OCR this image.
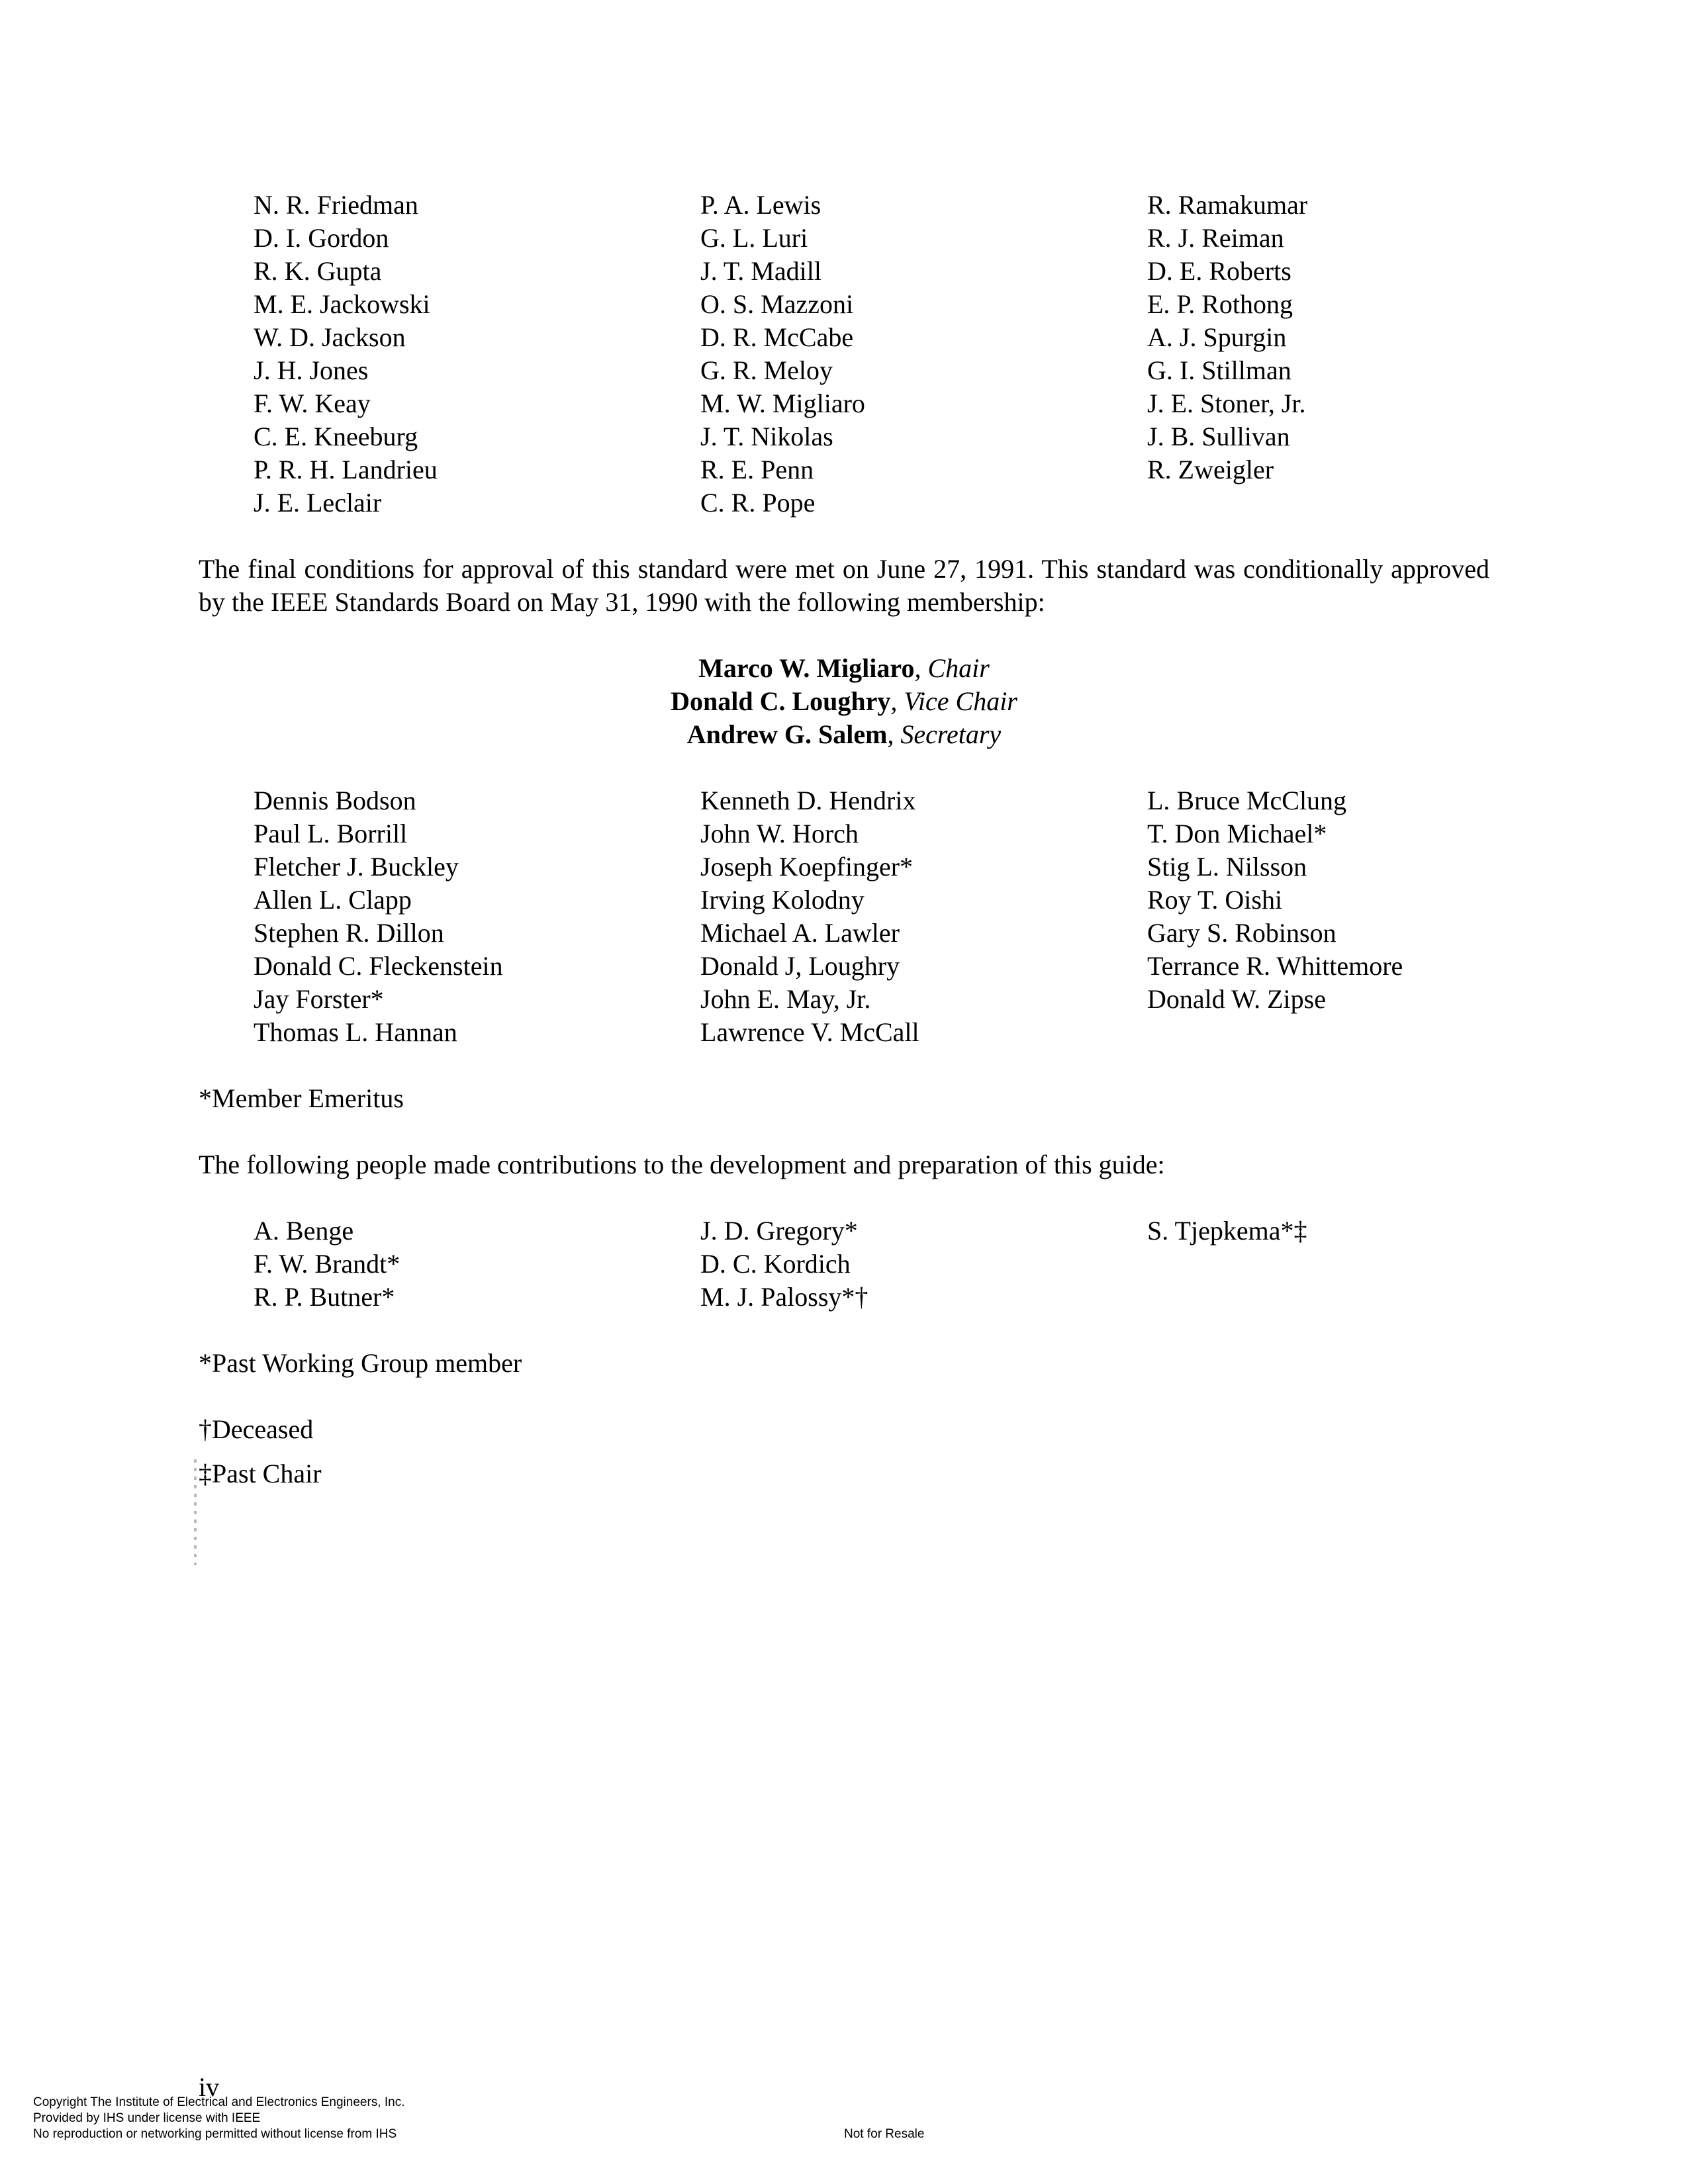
N. R. Friedman
D. I. Gordon
R. K. Gupta
M. E. Jackowski
W. D. Jackson
J. H. Jones
F. W. Keay
C. E. Kneeburg
P. R. H. Landrieu
J. E. Leclair
P. A. Lewis
G. L. Luri
J. T. Madill
O. S. Mazzoni
D. R. McCabe
G. R. Meloy
M. W. Migliaro
J. T. Nikolas
R. E. Penn
C. R. Pope
R. Ramakumar
R. J. Reiman
D. E. Roberts
E. P. Rothong
A. J. Spurgin
G. I. Stillman
J. E. Stoner, Jr.
J. B. Sullivan
R. Zweigler
The final conditions for approval of this standard were met on June 27, 1991. This standard was conditionally approved by the IEEE Standards Board on May 31, 1990 with the following membership:
Marco W. Migliaro, Chair
Donald C. Loughry, Vice Chair
Andrew G. Salem, Secretary
Dennis Bodson
Paul L. Borrill
Fletcher J. Buckley
Allen L. Clapp
Stephen R. Dillon
Donald C. Fleckenstein
Jay Forster*
Thomas L. Hannan
Kenneth D. Hendrix
John W. Horch
Joseph Koepfinger*
Irving Kolodny
Michael A. Lawler
Donald J, Loughry
John E. May, Jr.
Lawrence V. McCall
L. Bruce McClung
T. Don Michael*
Stig L. Nilsson
Roy T. Oishi
Gary S. Robinson
Terrance R. Whittemore
Donald W. Zipse
*Member Emeritus
The following people made contributions to the development and preparation of this guide:
A. Benge
F. W. Brandt*
R. P. Butner*
J. D. Gregory*
D. C. Kordich
M. J. Palossy*†
S. Tjepkema*‡
*Past Working Group member
†Deceased
‡Past Chair
iv
Copyright The Institute of Electrical and Electronics Engineers, Inc.
Provided by IHS under license with IEEE
No reproduction or networking permitted without license from IHS	Not for Resale
